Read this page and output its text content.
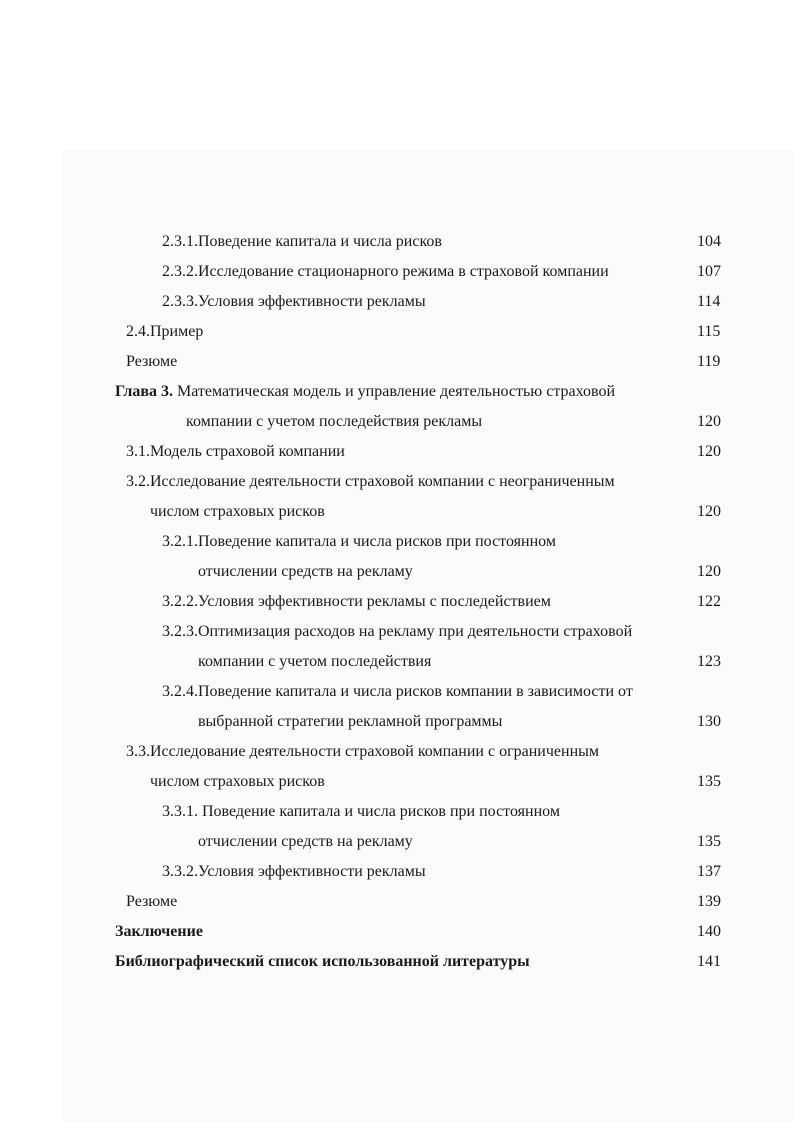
2.3.1.Поведение капитала и числа рисков	104
2.3.2.Исследование стационарного режима в страховой компании	107
2.3.3.Условия эффективности рекламы	114
2.4.Пример	115
Резюме	119
Глава 3. Математическая модель и управление деятельностью страховой
компании с учетом последействия рекламы	120
3.1.Модель страховой компании	120
3.2.Исследование деятельности страховой компании с неограниченным
числом страховых рисков	120
3.2.1.Поведение капитала и числа рисков при постоянном
отчислении средств на рекламу	120
3.2.2.Условия эффективности рекламы с последействием	122
3.2.3.Оптимизация расходов на рекламу при деятельности страховой
компании с учетом последействия	123
3.2.4.Поведение капитала и числа рисков компании в зависимости от
выбранной стратегии рекламной программы	130
3.3.Исследование деятельности страховой компании с ограниченным
числом страховых рисков	135
3.3.1. Поведение капитала и числа рисков при постоянном
отчислении средств на рекламу	135
3.3.2.Условия эффективности рекламы	137
Резюме	139
Заключение	140
Библиографический список использованной литературы	141
